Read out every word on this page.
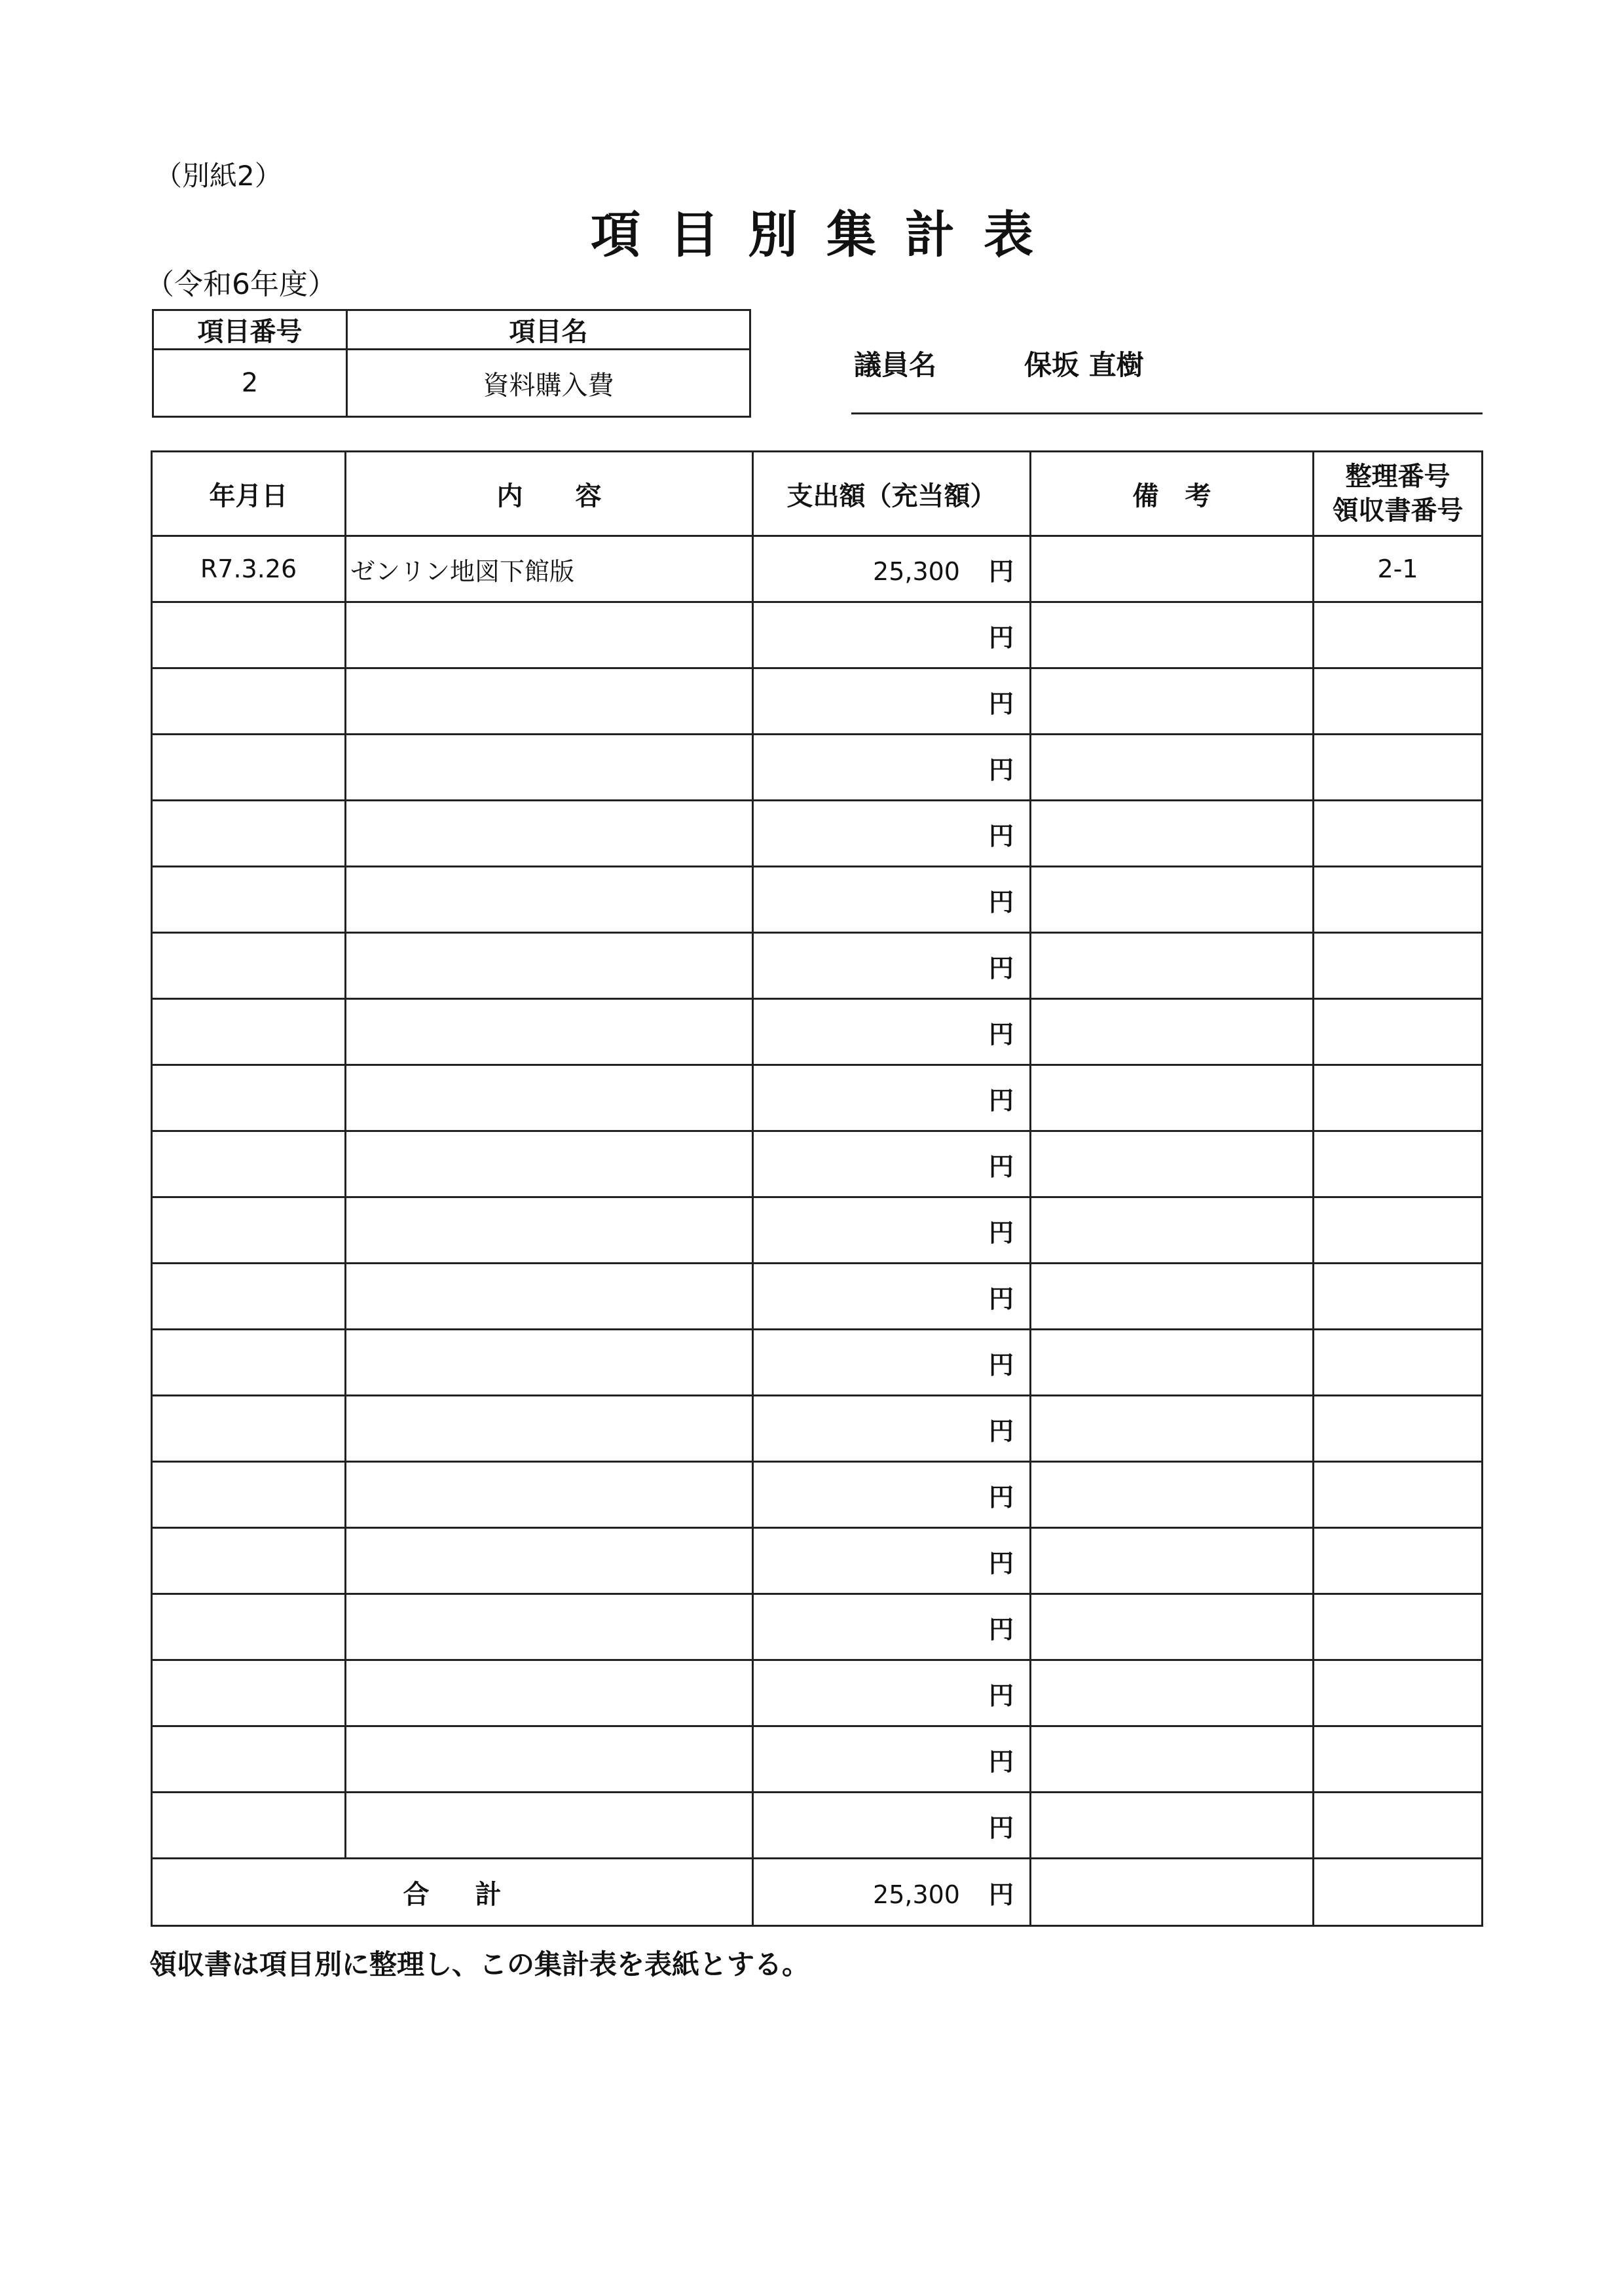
（別紙2）
項目別集計表
（令和6年度）
項目番号	項目名
2	資料購入費
議員名	保坂 直樹
年月日	内　　容	支出額（充当額）	備　考	整理番号
領収書番号
R7.3.26	ゼンリン地図下館版	25,300 円		2-1
		円		
		円		
		円		
		円		
		円		
		円		
		円		
		円		
		円		
		円		
		円		
		円		
		円		
		円		
		円		
		円		
		円		
		円		
		円		
合計		25,300 円		
領収書は項目別に整理し、この集計表を表紙とする。
